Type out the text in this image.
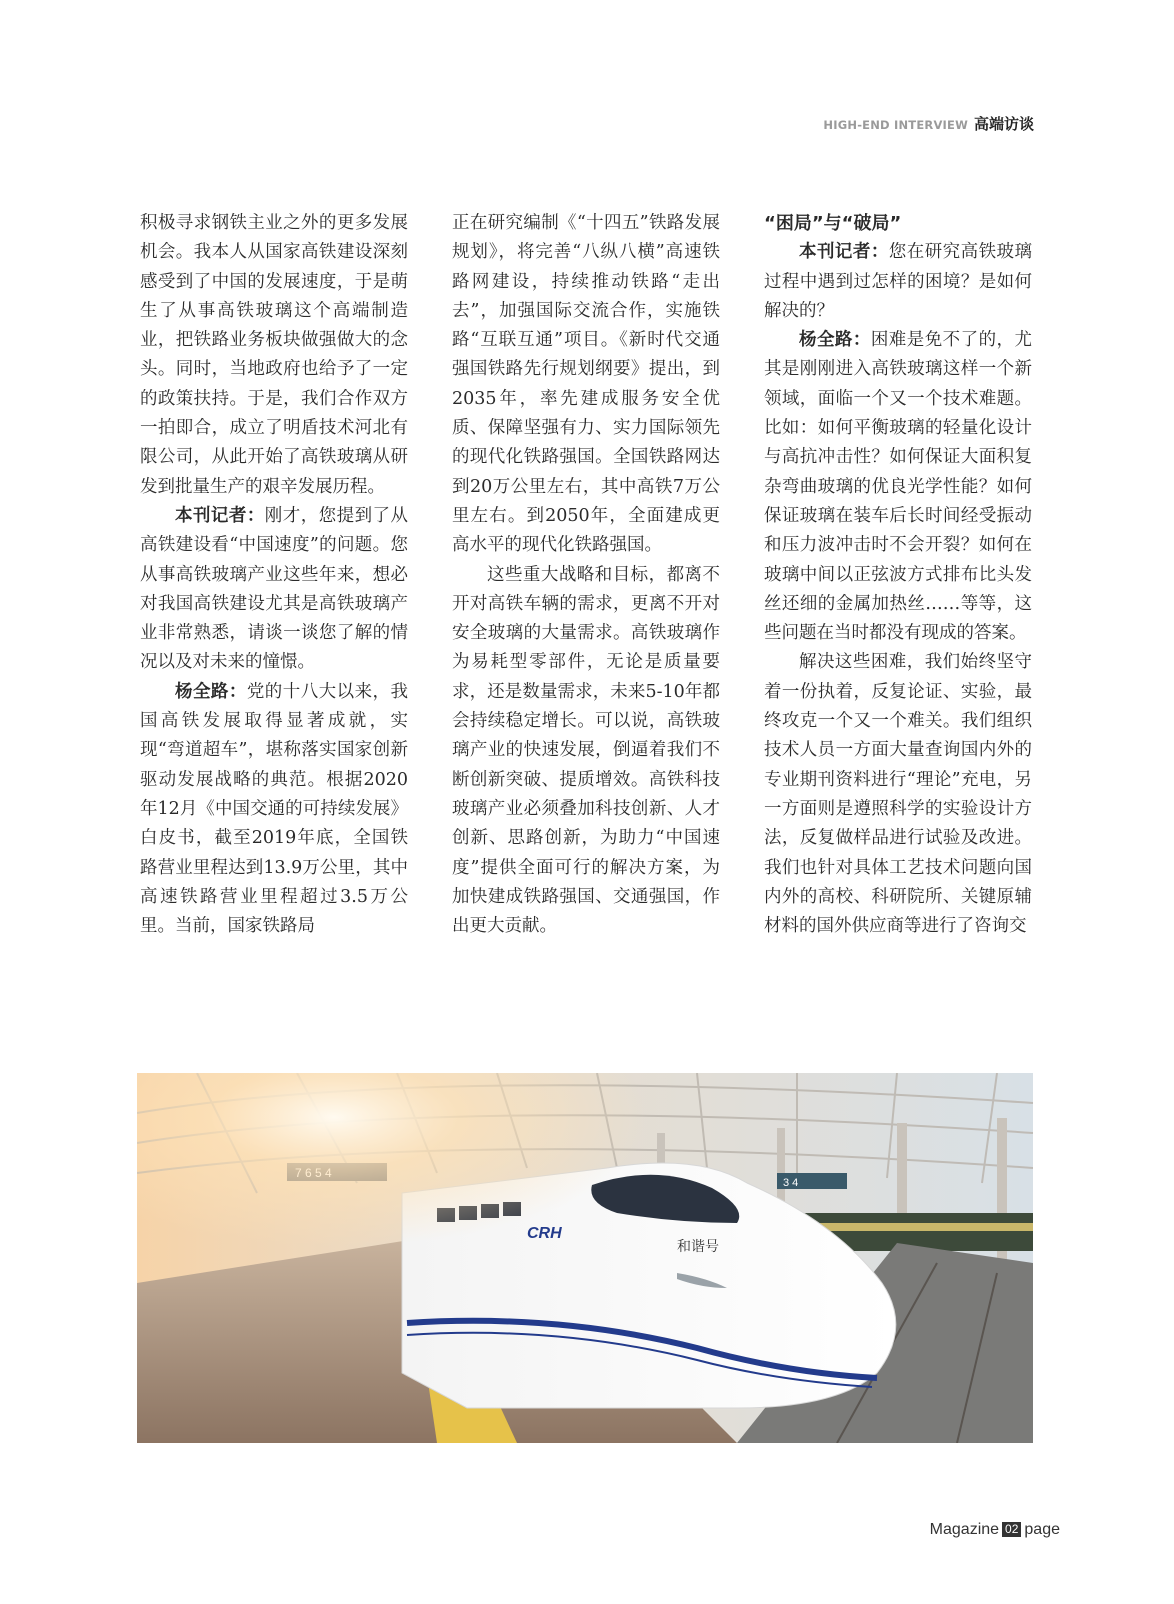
HIGH-END INTERVIEW 高端访谈

积极寻求钢铁主业之外的更多发展机会。我本人从国家高铁建设深刻感受到了中国的发展速度，于是萌生了从事高铁玻璃这个高端制造业，把铁路业务板块做强做大的念头。同时，当地政府也给予了一定的政策扶持。于是，我们合作双方一拍即合，成立了明盾技术河北有限公司，从此开始了高铁玻璃从研发到批量生产的艰辛发展历程。

本刊记者：刚才，您提到了从高铁建设看“中国速度”的问题。您从事高铁玻璃产业这些年来，想必对我国高铁建设尤其是高铁玻璃产业非常熟悉，请谈一谈您了解的情况以及对未来的憧憬。

杨全路：党的十八大以来，我国高铁发展取得显著成就，实现“弯道超车”，堪称落实国家创新驱动发展战略的典范。根据2020年12月《中国交通的可持续发展》白皮书，截至2019年底，全国铁路营业里程达到13.9万公里，其中高速铁路营业里程超过3.5万公里。当前，国家铁路局

正在研究编制《“十四五”铁路发展规划》，将完善“八纵八横”高速铁路网建设，持续推动铁路“走出去”，加强国际交流合作，实施铁路“互联互通”项目。《新时代交通强国铁路先行规划纲要》提出，到2035年，率先建成服务安全优质、保障坚强有力、实力国际领先的现代化铁路强国。全国铁路网达到20万公里左右，其中高铁7万公里左右。到2050年，全面建成更高水平的现代化铁路强国。

这些重大战略和目标，都离不开对高铁车辆的需求，更离不开对安全玻璃的大量需求。高铁玻璃作为易耗型零部件，无论是质量要求，还是数量需求，未来5-10年都会持续稳定增长。可以说，高铁玻璃产业的快速发展，倒逼着我们不断创新突破、提质增效。高铁科技玻璃产业必须叠加科技创新、人才创新、思路创新，为助力“中国速度”提供全面可行的解决方案，为加快建成铁路强国、交通强国，作出更大贡献。

“困局”与“破局”

本刊记者：您在研究高铁玻璃过程中遇到过怎样的困境？是如何解决的？

杨全路：困难是免不了的，尤其是刚刚进入高铁玻璃这样一个新领域，面临一个又一个技术难题。比如：如何平衡玻璃的轻量化设计与高抗冲击性？如何保证大面积复杂弯曲玻璃的优良光学性能？如何保证玻璃在装车后长时间经受振动和压力波冲击时不会开裂？如何在玻璃中间以正弦波方式排布比头发丝还细的金属加热丝……等等，这些问题在当时都没有现成的答案。

解决这些困难，我们始终坚守着一份执着，反复论证、实验，最终攻克一个又一个难关。我们组织技术人员一方面大量查询国内外的专业期刊资料进行“理论”充电，另一方面则是遵照科学的实验设计方法，反复做样品进行试验及改进。我们也针对具体工艺技术问题向国内外的高校、科研院所、关键原辅材料的国外供应商等进行了咨询交

Magazine 02 page
